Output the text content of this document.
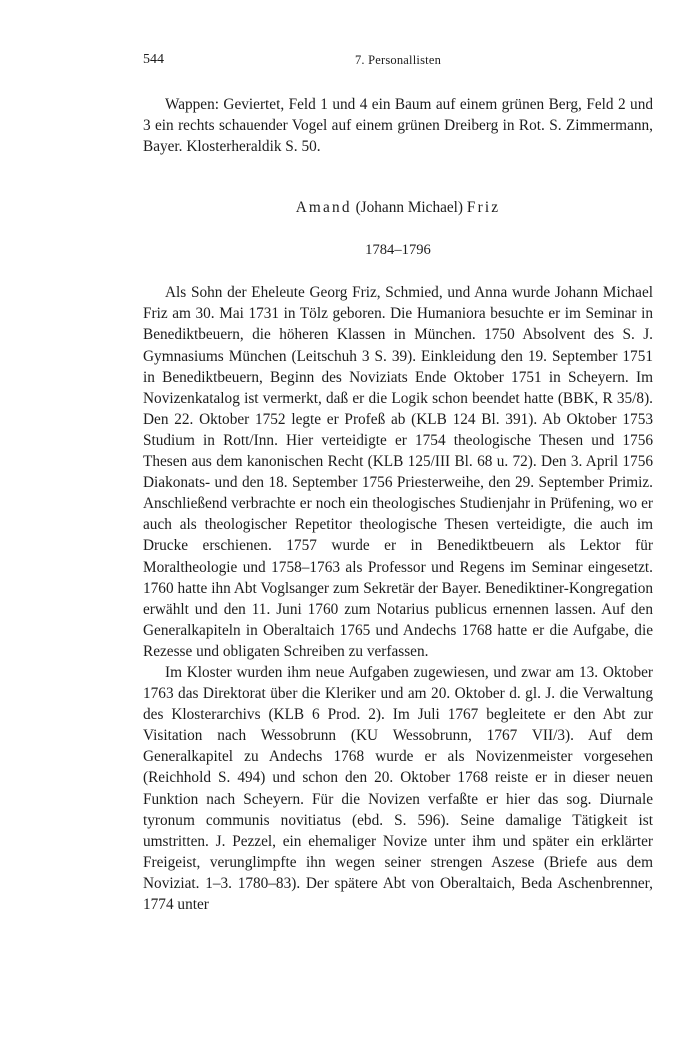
544	7. Personallisten

Wappen: Geviertet, Feld 1 und 4 ein Baum auf einem grünen Berg, Feld 2 und 3 ein rechts schauender Vogel auf einem grünen Dreiberg in Rot. S. Zimmermann, Bayer. Klosterheraldik S. 50.

Amand (Johann Michael) Friz
1784–1796

Als Sohn der Eheleute Georg Friz, Schmied, und Anna wurde Johann Michael Friz am 30. Mai 1731 in Tölz geboren. Die Humaniora besuchte er im Seminar in Benediktbeuern, die höheren Klassen in München. 1750 Absolvent des S. J. Gymnasiums München (Leitschuh 3 S. 39). Einkleidung den 19. September 1751 in Benediktbeuern, Beginn des Noviziats Ende Oktober 1751 in Scheyern. Im Novizenkatalog ist vermerkt, daß er die Logik schon beendet hatte (BBK, R 35/8). Den 22. Oktober 1752 legte er Profeß ab (KLB 124 Bl. 391). Ab Oktober 1753 Studium in Rott/Inn. Hier verteidigte er 1754 theologische Thesen und 1756 Thesen aus dem kanonischen Recht (KLB 125/III Bl. 68 u. 72). Den 3. April 1756 Diakonats- und den 18. September 1756 Priesterweihe, den 29. September Primiz. Anschließend verbrachte er noch ein theologisches Studienjahr in Prüfening, wo er auch als theologischer Repetitor theologische Thesen verteidigte, die auch im Drucke erschienen. 1757 wurde er in Benediktbeuern als Lektor für Moraltheologie und 1758–1763 als Professor und Regens im Seminar eingesetzt. 1760 hatte ihn Abt Voglsanger zum Sekretär der Bayer. Benediktiner-Kongregation erwählt und den 11. Juni 1760 zum Notarius publicus ernennen lassen. Auf den Generalkapiteln in Oberaltaich 1765 und Andechs 1768 hatte er die Aufgabe, die Rezesse und obligaten Schreiben zu verfassen.

Im Kloster wurden ihm neue Aufgaben zugewiesen, und zwar am 13. Oktober 1763 das Direktorat über die Kleriker und am 20. Oktober d. gl. J. die Verwaltung des Klosterarchivs (KLB 6 Prod. 2). Im Juli 1767 begleitete er den Abt zur Visitation nach Wessobrunn (KU Wessobrunn, 1767 VII/3). Auf dem Generalkapitel zu Andechs 1768 wurde er als Novizenmeister vorgesehen (Reichhold S. 494) und schon den 20. Oktober 1768 reiste er in dieser neuen Funktion nach Scheyern. Für die Novizen verfaßte er hier das sog. Diurnale tyronum communis novitiatus (ebd. S. 596). Seine damalige Tätigkeit ist umstritten. J. Pezzel, ein ehemaliger Novize unter ihm und später ein erklärter Freigeist, verunglimpfte ihn wegen seiner strengen Aszese (Briefe aus dem Noviziat. 1–3. 1780–83). Der spätere Abt von Oberaltaich, Beda Aschenbrenner, 1774 unter
